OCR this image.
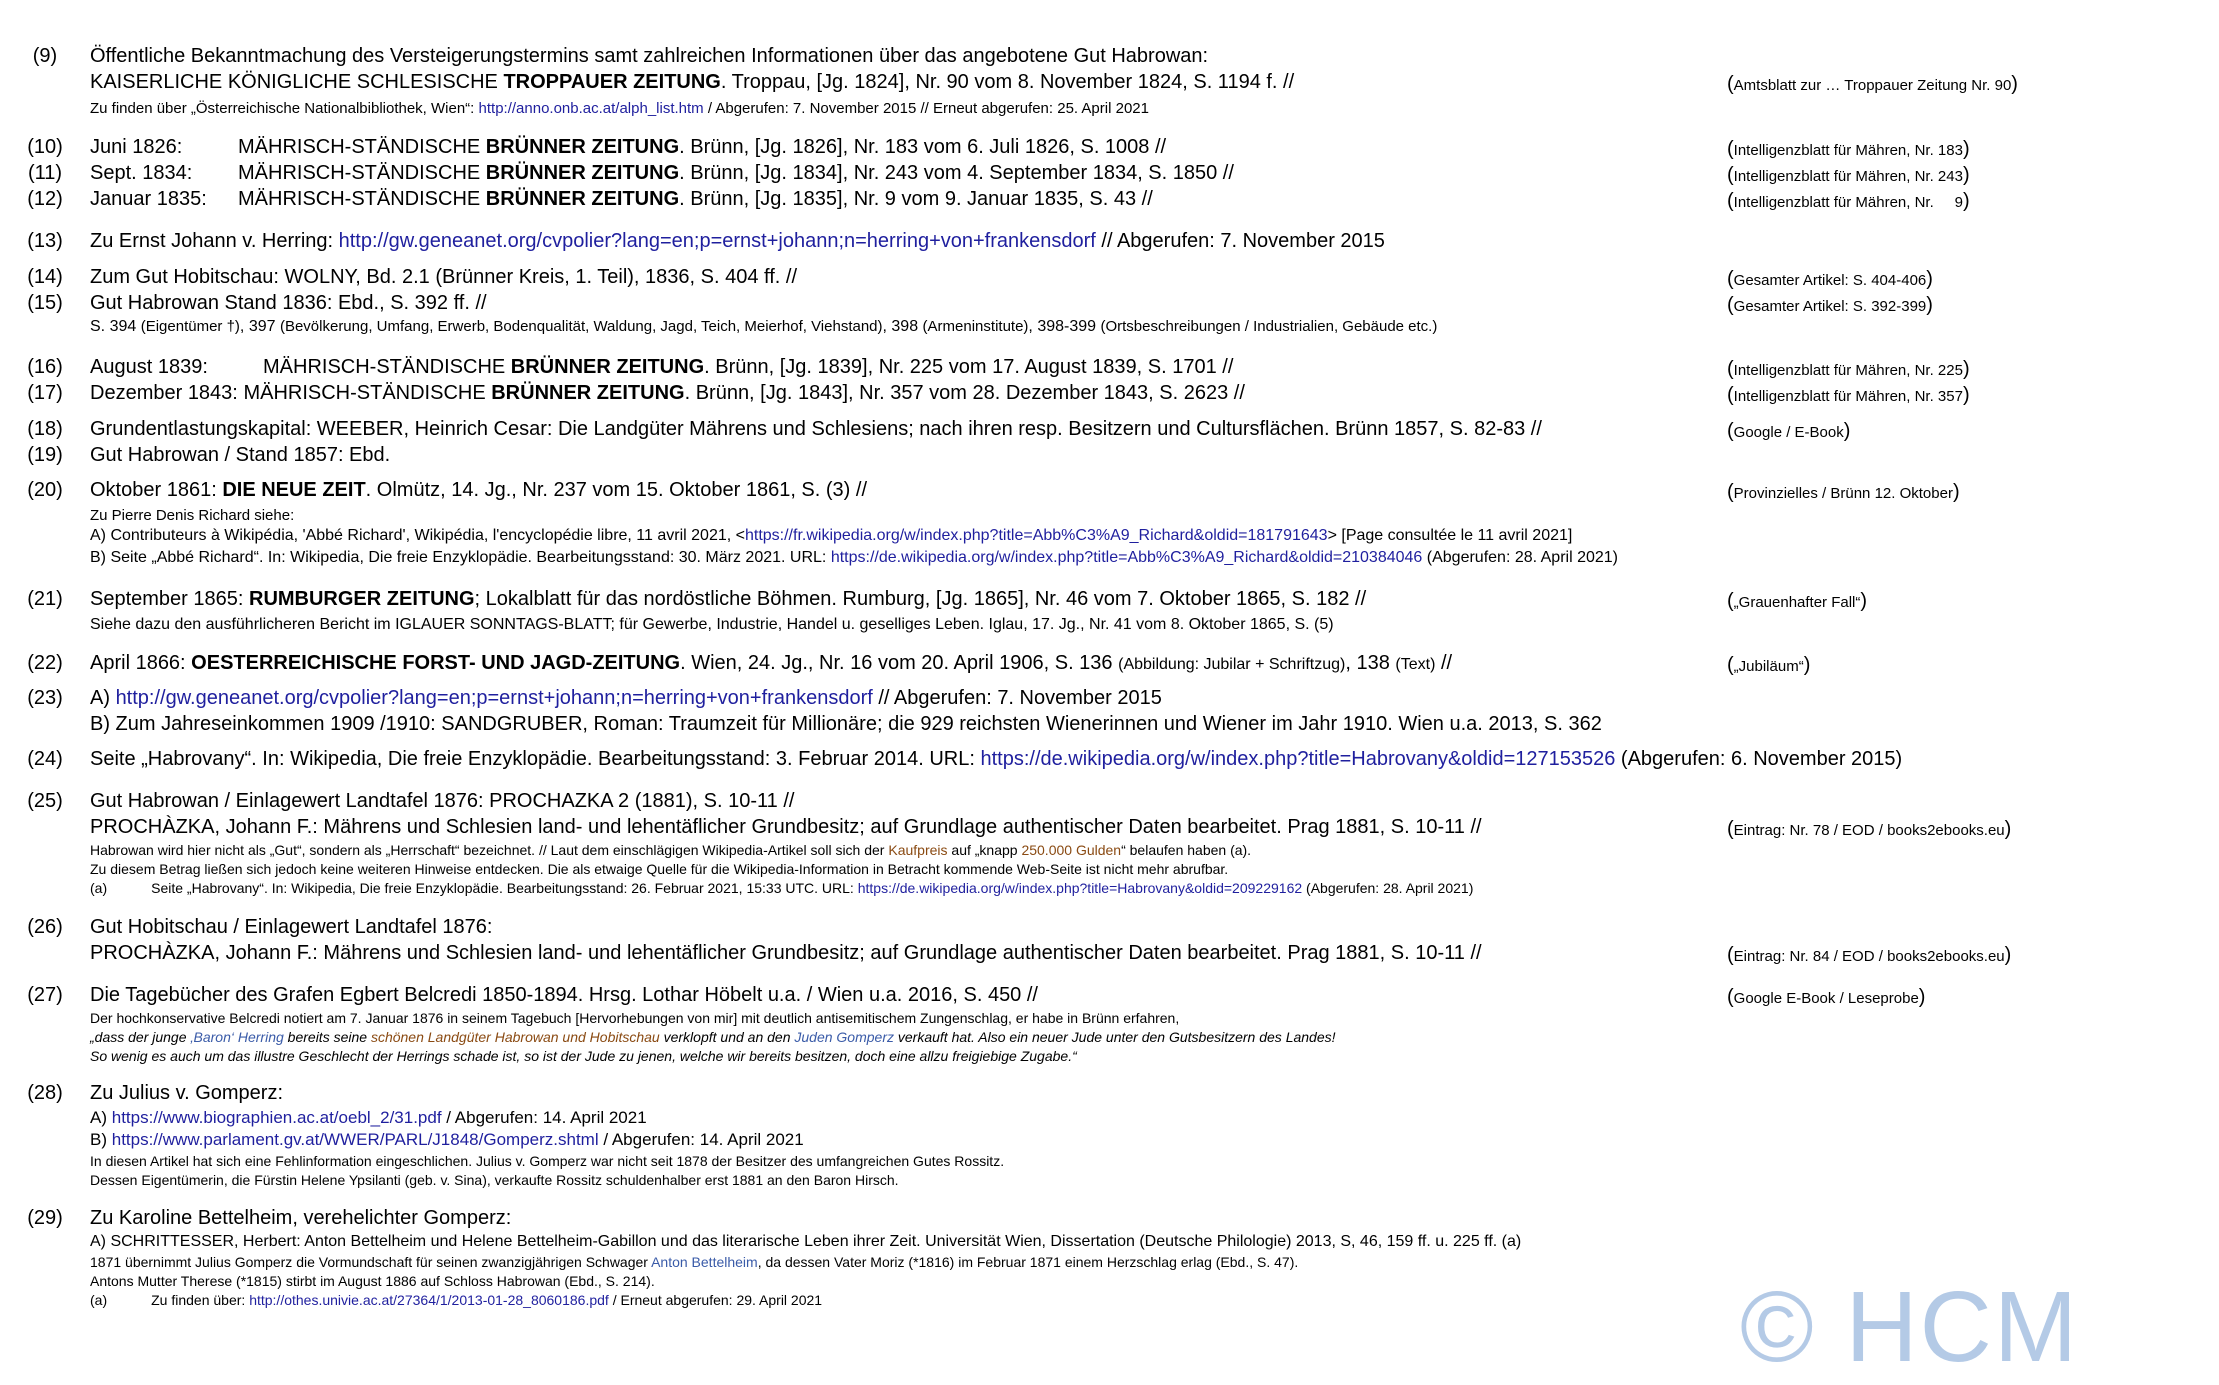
(9)	Öffentliche Bekanntmachung des Versteigerungstermins samt zahlreichen Informationen über das angebotene Gut Habrowan:
KAISERLICHE KÖNIGLICHE SCHLESISCHE TROPPAUER ZEITUNG. Troppau, [Jg. 1824], Nr. 90 vom 8. November 1824, S. 1194 f. //	(Amtsblatt zur … Troppauer Zeitung Nr. 90)
Zu finden über „Österreichische Nationalbibliothek, Wien“: http://anno.onb.ac.at/alph_list.htm / Abgerufen: 7. November 2015 // Erneut abgerufen: 25. April 2021
(10)	Juni 1826:	MÄHRISCH-STÄNDISCHE BRÜNNER ZEITUNG. Brünn, [Jg. 1826], Nr. 183 vom 6. Juli 1826, S. 1008 //	(Intelligenzblatt für Mähren, Nr. 183)
(11)	Sept. 1834: MÄHRISCH-STÄNDISCHE BRÜNNER ZEITUNG. Brünn, [Jg. 1834], Nr. 243 vom 4. September 1834, S. 1850 //	(Intelligenzblatt für Mähren, Nr. 243)
(12)	Januar 1835: MÄHRISCH-STÄNDISCHE BRÜNNER ZEITUNG. Brünn, [Jg. 1835], Nr. 9 vom 9. Januar 1835, S. 43 //	(Intelligenzblatt für Mähren, Nr.     9)
(13)	Zu Ernst Johann v. Herring: http://gw.geneanet.org/cvpolier?lang=en;p=ernst+johann;n=herring+von+frankensdorf // Abgerufen: 7. November 2015
(14)	Zum Gut Hobitschau: WOLNY, Bd. 2.1 (Brünner Kreis, 1. Teil), 1836, S. 404 ff. //	(Gesamter Artikel: S. 404-406)
(15)	Gut Habrowan Stand 1836: Ebd., S. 392 ff. //	(Gesamter Artikel: S. 392-399)
S. 394 (Eigentümer †), 397 (Bevölkerung, Umfang, Erwerb, Bodenqualität, Waldung, Jagd, Teich, Meierhof, Viehstand), 398 (Armeninstitute), 398-399 (Ortsbeschreibungen / Industrialien, Gebäude etc.)
(16)	August 1839:	MÄHRISCH-STÄNDISCHE BRÜNNER ZEITUNG. Brünn, [Jg. 1839], Nr. 225 vom 17. August 1839, S. 1701 //	(Intelligenzblatt für Mähren, Nr. 225)
(17)	Dezember 1843: MÄHRISCH-STÄNDISCHE BRÜNNER ZEITUNG. Brünn, [Jg. 1843], Nr. 357 vom 28. Dezember 1843, S. 2623 //	(Intelligenzblatt für Mähren, Nr. 357)
(18)	Grundentlastungskapital: WEEBER, Heinrich Cesar: Die Landgüter Mährens und Schlesiens; nach ihren resp. Besitzern und Cultursflächen. Brünn 1857, S. 82-83 //	(Google / E-Book)
(19)	Gut Habrowan / Stand 1857: Ebd.
(20)	Oktober 1861: DIE NEUE ZEIT. Olmütz, 14. Jg., Nr. 237 vom 15. Oktober 1861, S. (3) //	(Provinzielles / Brünn 12. Oktober)
Zu Pierre Denis Richard siehe:
A) Contributeurs à Wikipédia, 'Abbé Richard', Wikipédia, l'encyclopédie libre, 11 avril 2021, <https://fr.wikipedia.org/w/index.php?title=Abb%C3%A9_Richard&oldid=181791643> [Page consultée le 11 avril 2021]
B) Seite „Abbé Richard“. In: Wikipedia, Die freie Enzyklopädie. Bearbeitungsstand: 30. März 2021. URL: https://de.wikipedia.org/w/index.php?title=Abb%C3%A9_Richard&oldid=210384046 (Abgerufen: 28. April 2021)
(21)	September 1865: RUMBURGER ZEITUNG; Lokalblatt für das nordöstliche Böhmen. Rumburg, [Jg. 1865], Nr. 46 vom 7. Oktober 1865, S. 182 //	(„Grauenhafter Fall“)
Siehe dazu den ausführlicheren Bericht im IGLAUER SONNTAGS-BLATT; für Gewerbe, Industrie, Handel u. geselliges Leben. Iglau, 17. Jg., Nr. 41 vom 8. Oktober 1865, S. (5)
(22)	April 1866: OESTERREICHISCHE FORST- UND JAGD-ZEITUNG. Wien, 24. Jg., Nr. 16 vom 20. April 1906, S. 136 (Abbildung: Jubilar + Schriftzug), 138 (Text) //	(„Jubiläum“)
(23)	A) http://gw.geneanet.org/cvpolier?lang=en;p=ernst+johann;n=herring+von+frankensdorf // Abgerufen: 7. November 2015
B) Zum Jahreseinkommen 1909 /1910: SANDGRUBER, Roman: Traumzeit für Millionäre; die 929 reichsten Wienerinnen und Wiener im Jahr 1910. Wien u.a. 2013, S. 362
(24)	Seite „Habrovany“. In: Wikipedia, Die freie Enzyklopädie. Bearbeitungsstand: 3. Februar 2014. URL: https://de.wikipedia.org/w/index.php?title=Habrovany&oldid=127153526 (Abgerufen: 6. November 2015)
(25)	Gut Habrowan / Einlagewert Landtafel 1876: PROCHAZKA 2 (1881), S. 10-11 //
PROCHÀZKA, Johann F.: Mährens und Schlesien land- und lehentäflicher Grundbesitz; auf Grundlage authentischer Daten bearbeitet. Prag 1881, S. 10-11 //	(Eintrag: Nr. 78 / EOD / books2ebooks.eu)
Habrowan wird hier nicht als „Gut“, sondern als „Herrschaft“ bezeichnet. // Laut dem einschlägigen Wikipedia-Artikel soll sich der Kaufpreis auf „knapp 250.000 Gulden“ belaufen haben (a).
Zu diesem Betrag ließen sich jedoch keine weiteren Hinweise entdecken. Die als etwaige Quelle für die Wikipedia-Information in Betracht kommende Web-Seite ist nicht mehr abrufbar.
(a)	Seite „Habrovany“. In: Wikipedia, Die freie Enzyklopädie. Bearbeitungsstand: 26. Februar 2021, 15:33 UTC. URL: https://de.wikipedia.org/w/index.php?title=Habrovany&oldid=209229162 (Abgerufen: 28. April 2021)
(26)	Gut Hobitschau / Einlagewert Landtafel 1876:
PROCHÀZKA, Johann F.: Mährens und Schlesien land- und lehentäflicher Grundbesitz; auf Grundlage authentischer Daten bearbeitet. Prag 1881, S. 10-11 //	(Eintrag: Nr. 84 / EOD / books2ebooks.eu)
(27)	Die Tagebücher des Grafen Egbert Belcredi 1850-1894. Hrsg. Lothar Höbelt u.a. / Wien u.a. 2016, S. 450 //	(Google E-Book / Leseprobe)
Der hochkonservative Belcredi notiert am 7. Januar 1876 in seinem Tagebuch [Hervorhebungen von mir] mit deutlich antisemitischem Zungenschlag, er habe in Brünn erfahren,
„dass der junge ‚Baron‘ Herring bereits seine schönen Landgüter Habrowan und Hobitschau verklopft und an den Juden Gomperz verkauft hat. Also ein neuer Jude unter den Gutsbesitzern des Landes!
So wenig es auch um das illustre Geschlecht der Herrings schade ist, so ist der Jude zu jenen, welche wir bereits besitzen, doch eine allzu freigiebige Zugabe.“
(28)	Zu Julius v. Gomperz:
A) https://www.biographien.ac.at/oebl_2/31.pdf / Abgerufen: 14. April 2021
B) https://www.parlament.gv.at/WWER/PARL/J1848/Gomperz.shtml / Abgerufen: 14. April 2021
In diesen Artikel hat sich eine Fehlinformation eingeschlichen. Julius v. Gomperz war nicht seit 1878 der Besitzer des umfangreichen Gutes Rossitz.
Dessen Eigentümerin, die Fürstin Helene Ypsilanti (geb. v. Sina), verkaufte Rossitz schuldenhalber erst 1881 an den Baron Hirsch.
(29)	Zu Karoline Bettelheim, verehelichter Gomperz:
A) SCHRITTESSER, Herbert: Anton Bettelheim und Helene Bettelheim-Gabillon und das literarische Leben ihrer Zeit. Universität Wien, Dissertation (Deutsche Philologie) 2013, S, 46, 159 ff. u. 225 ff. (a)
1871 übernimmt Julius Gomperz die Vormundschaft für seinen zwanzigjährigen Schwager Anton Bettelheim, da dessen Vater Moriz (*1816) im Februar 1871 einem Herzschlag erlag (Ebd., S. 47).
Antons Mutter Therese (*1815) stirbt im August 1886 auf Schloss Habrowan (Ebd., S. 214).
(a)	Zu finden über: http://othes.univie.ac.at/27364/1/2013-01-28_8060186.pdf / Erneut abgerufen: 29. April 2021	© HCM
